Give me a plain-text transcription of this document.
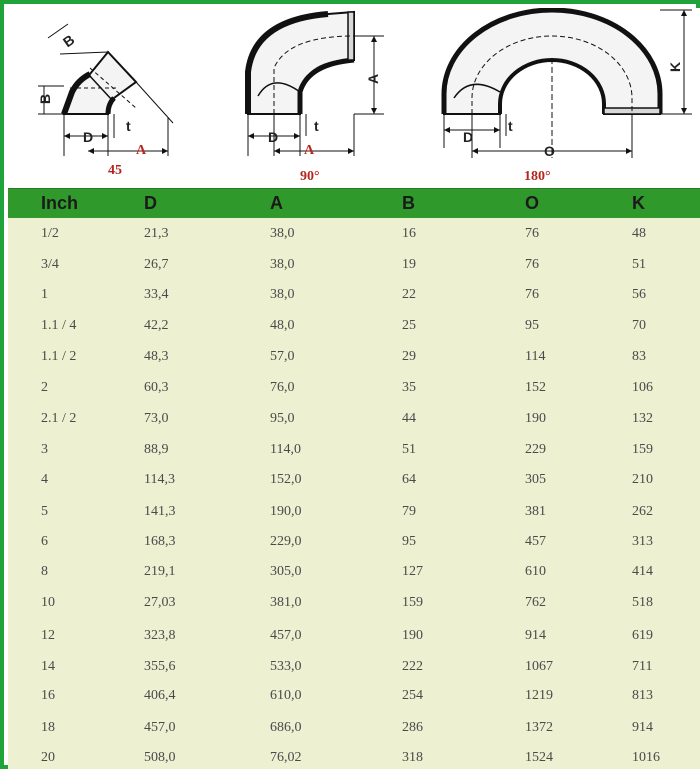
B
B
D
t
A
45
A
D
t
A
90°
K
D
t
O
180°
Inch	D	A	B	O	K
1/2	21,3	38,0	16	76	48
3/4	26,7	38,0	19	76	51
1	33,4	38,0	22	76	56
1.1 / 4	42,2	48,0	25	95	70
1.1 / 2	48,3	57,0	29	114	83
2	60,3	76,0	35	152	106
2.1 / 2	73,0	95,0	44	190	132
3	88,9	114,0	51	229	159
4	114,3	152,0	64	305	210
5	141,3	190,0	79	381	262
6	168,3	229,0	95	457	313
8	219,1	305,0	127	610	414
10	27,03	381,0	159	762	518
12	323,8	457,0	190	914	619
14	355,6	533,0	222	1067	711
16	406,4	610,0	254	1219	813
18	457,0	686,0	286	1372	914
20	508,0	76,02	318	1524	1016
